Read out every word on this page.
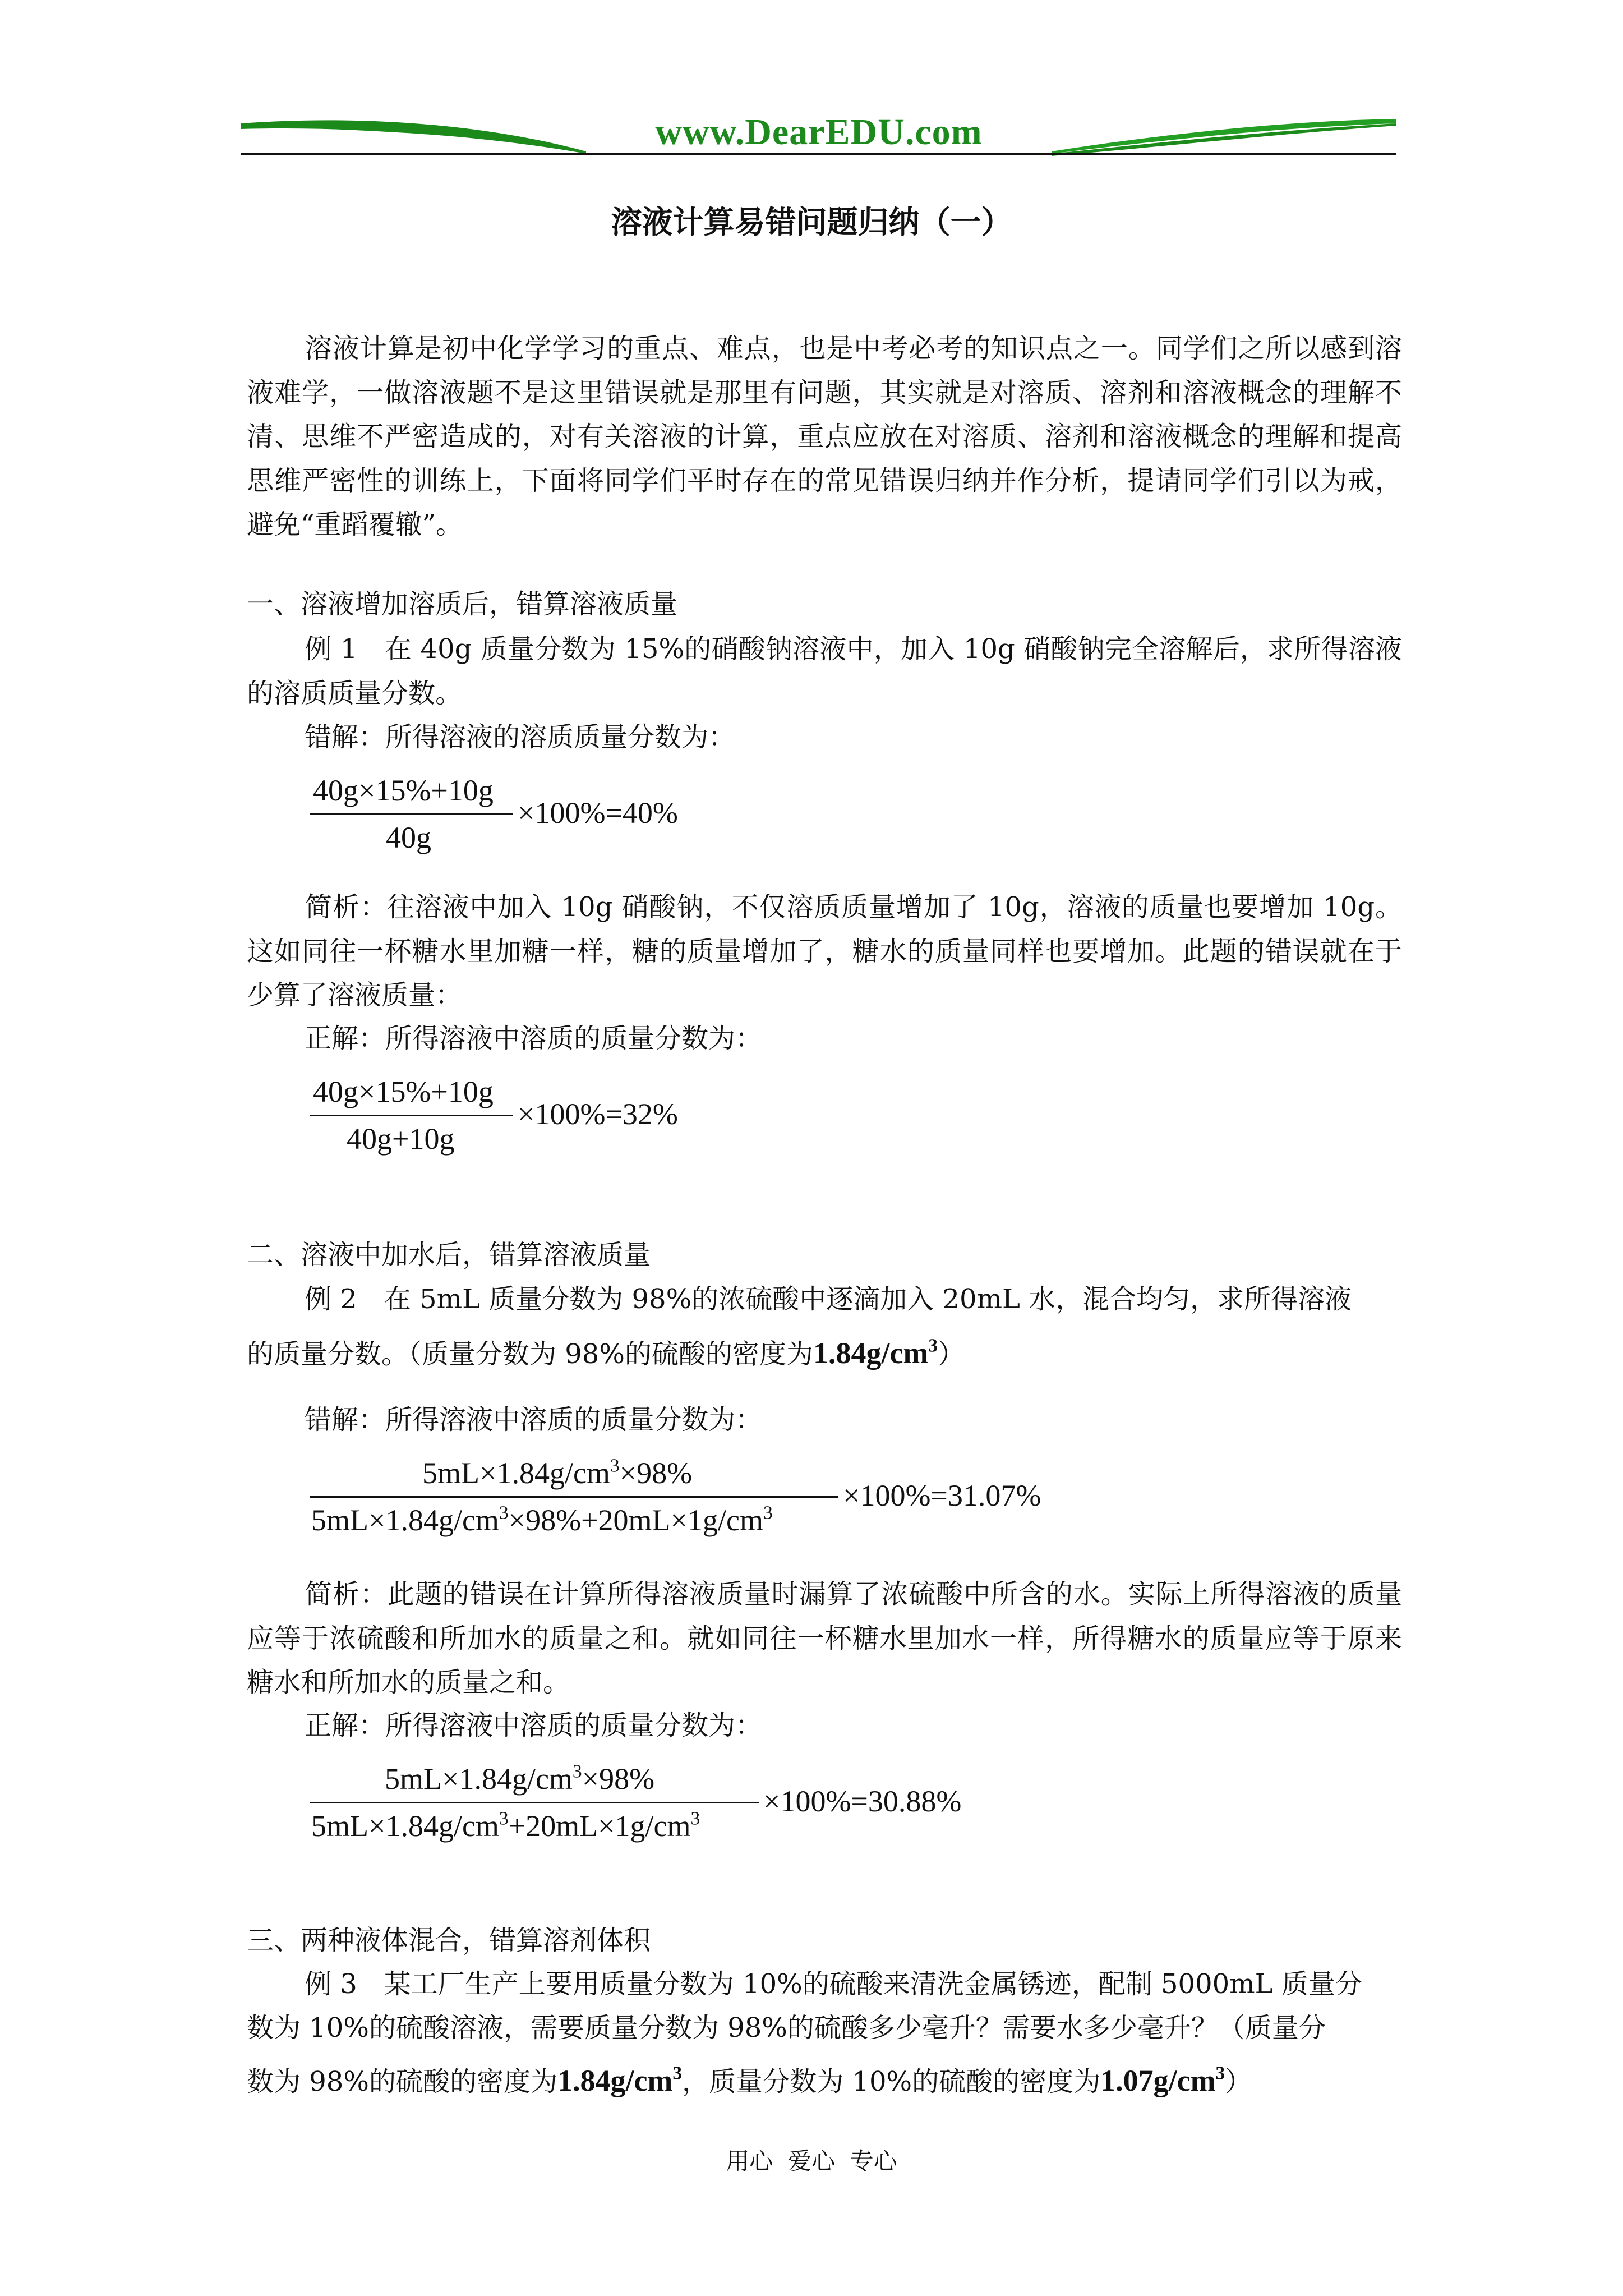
www.DearEDU.com
溶液计算易错问题归纳（一）
溶液计算是初中化学学习的重点、难点，也是中考必考的知识点之一。同学们之所以感到溶液难学，一做溶液题不是这里错误就是那里有问题，其实就是对溶质、溶剂和溶液概念的理解不清、思维不严密造成的，对有关溶液的计算，重点应放在对溶质、溶剂和溶液概念的理解和提高思维严密性的训练上，下面将同学们平时存在的常见错误归纳并作分析，提请同学们引以为戒，避免“重蹈覆辙”。
一、溶液增加溶质后，错算溶液质量
例 1　在 40g 质量分数为 15%的硝酸钠溶液中，加入 10g 硝酸钠完全溶解后，求所得溶液的溶质质量分数。
错解：所得溶液的溶质质量分数为：
40g×15%+10g
40g
×100%=40%
简析：往溶液中加入 10g 硝酸钠，不仅溶质质量增加了 10g，溶液的质量也要增加 10g。这如同往一杯糖水里加糖一样，糖的质量增加了，糖水的质量同样也要增加。此题的错误就在于少算了溶液质量：
正解：所得溶液中溶质的质量分数为：
40g×15%+10g
40g+10g
×100%=32%
二、溶液中加水后，错算溶液质量
例 2　在 5mL 质量分数为 98%的浓硫酸中逐滴加入 20mL 水，混合均匀，求所得溶液
的质量分数。（质量分数为 98%的硫酸的密度为$1.84g/cm^3$）
错解：所得溶液中溶质的质量分数为：
$5mL\times 1.84g/cm^3\times 98\%$
$5mL\times 1.84g/cm^3\times 98\%+20mL\times 1g/cm^3$
×100%=31.07%
简析：此题的错误在计算所得溶液质量时漏算了浓硫酸中所含的水。实际上所得溶液的质量应等于浓硫酸和所加水的质量之和。就如同往一杯糖水里加水一样，所得糖水的质量应等于原来糖水和所加水的质量之和。
正解：所得溶液中溶质的质量分数为：
$5mL\times 1.84g/cm^3\times 98\%$
$5mL\times 1.84g/cm^3+20mL\times 1g/cm^3$
×100%=30.88%
三、两种液体混合，错算溶剂体积
例 3　某工厂生产上要用质量分数为 10%的硫酸来清洗金属锈迹，配制 5000mL 质量分
数为 10%的硫酸溶液，需要质量分数为 98%的硫酸多少毫升？需要水多少毫升？（质量分
数为 98%的硫酸的密度为$1.84g/cm^3$，质量分数为 10%的硫酸的密度为$1.07g/cm^3$）
用心  爱心  专心
